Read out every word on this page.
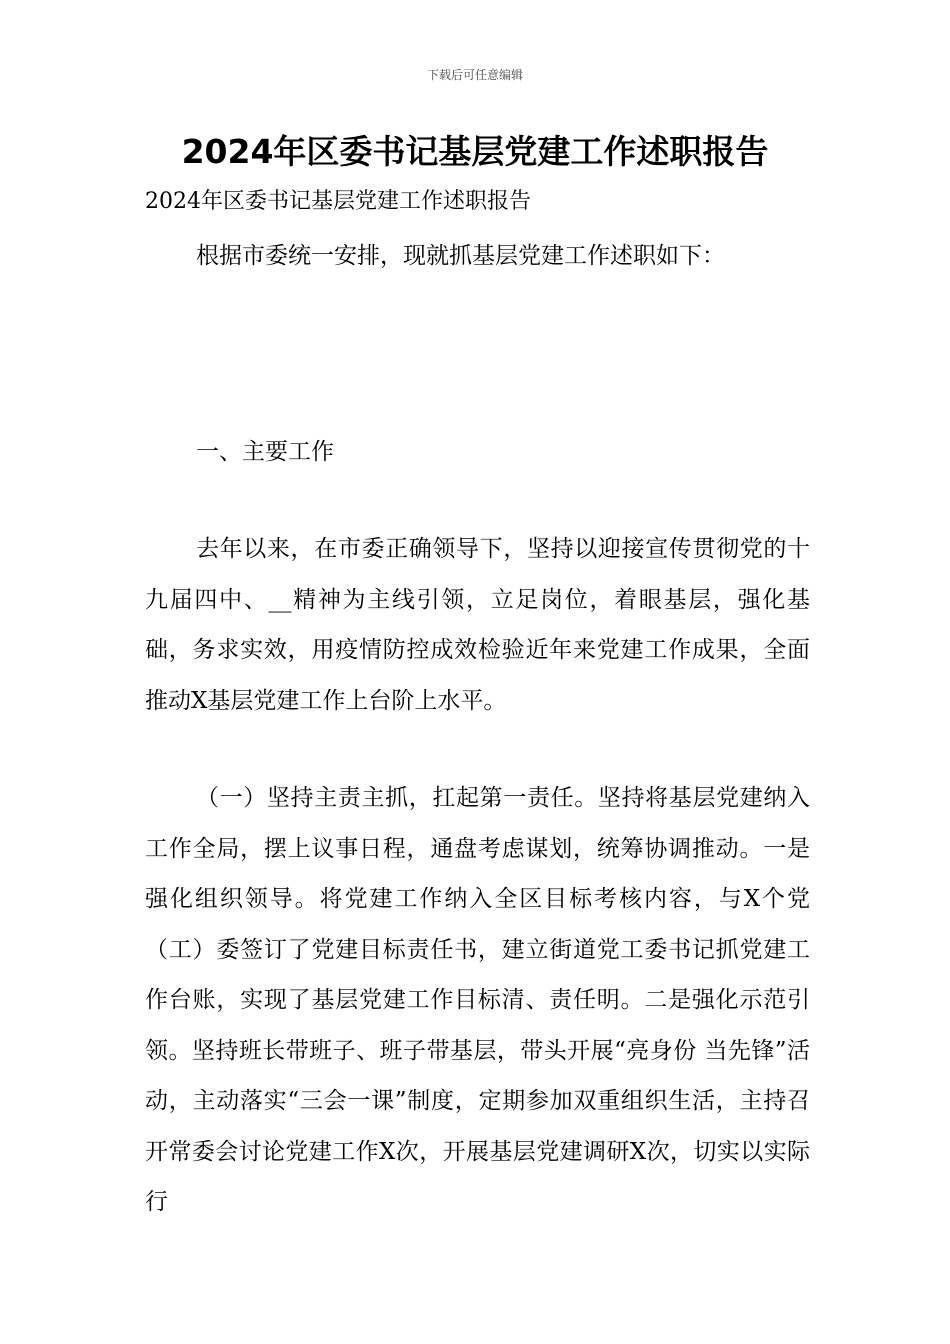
下载后可任意编辑
2024年区委书记基层党建工作述职报告
2024年区委书记基层党建工作述职报告
根据市委统一安排，现就抓基层党建工作述职如下：
一、主要工作

去年以来，在市委正确领导下，坚持以迎接宣传贯彻党的十九届四中、__精神为主线引领，立足岗位，着眼基层，强化基础，务求实效，用疫情防控成效检验近年来党建工作成果，全面推动X基层党建工作上台阶上水平。

（一）坚持主责主抓，扛起第一责任。坚持将基层党建纳入工作全局，摆上议事日程，通盘考虑谋划，统筹协调推动。一是强化组织领导。将党建工作纳入全区目标考核内容，与X个党（工）委签订了党建目标责任书，建立街道党工委书记抓党建工作台账，实现了基层党建工作目标清、责任明。二是强化示范引领。坚持班长带班子、班子带基层，带头开展“亮身份 当先锋”活动，主动落实“三会一课”制度，定期参加双重组织生活，主持召开常委会讨论党建工作X次，开展基层党建调研X次，切实以实际行
